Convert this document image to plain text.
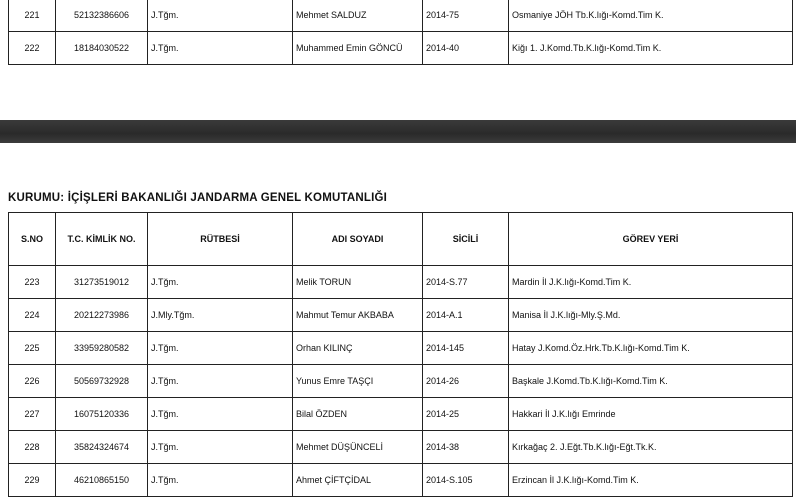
221	52132386606	J.Tğm.	Mehmet SALDUZ	2014-75	Osmaniye JÖH Tb.K.lığı-Komd.Tim K.
222	18184030522	J.Tğm.	Muhammed Emin GÖNCÜ	2014-40	Kiğı 1. J.Komd.Tb.K.lığı-Komd.Tim K.
KURUMU: İÇİŞLERİ BAKANLIĞI JANDARMA GENEL KOMUTANLIĞI
S.NO	T.C. KİMLİK NO.	RÜTBESİ	ADI SOYADI	SİCİLİ	GÖREV YERİ
223	31273519012	J.Tğm.	Melik TORUN	2014-S.77	Mardin İl J.K.lığı-Komd.Tim K.
224	20212273986	J.Mly.Tğm.	Mahmut Temur AKBABA	2014-A.1	Manisa İl J.K.lığı-Mly.Ş.Md.
225	33959280582	J.Tğm.	Orhan KILINÇ	2014-145	Hatay J.Komd.Öz.Hrk.Tb.K.lığı-Komd.Tim K.
226	50569732928	J.Tğm.	Yunus Emre TAŞÇI	2014-26	Başkale J.Komd.Tb.K.lığı-Komd.Tim K.
227	16075120336	J.Tğm.	Bilal ÖZDEN	2014-25	Hakkari İl J.K.lığı Emrinde
228	35824324674	J.Tğm.	Mehmet DÜŞÜNCELİ	2014-38	Kırkağaç 2. J.Eğt.Tb.K.lığı-Eğt.Tk.K.
229	46210865150	J.Tğm.	Ahmet ÇİFTÇİDAL	2014-S.105	Erzincan İl J.K.lığı-Komd.Tim K.
